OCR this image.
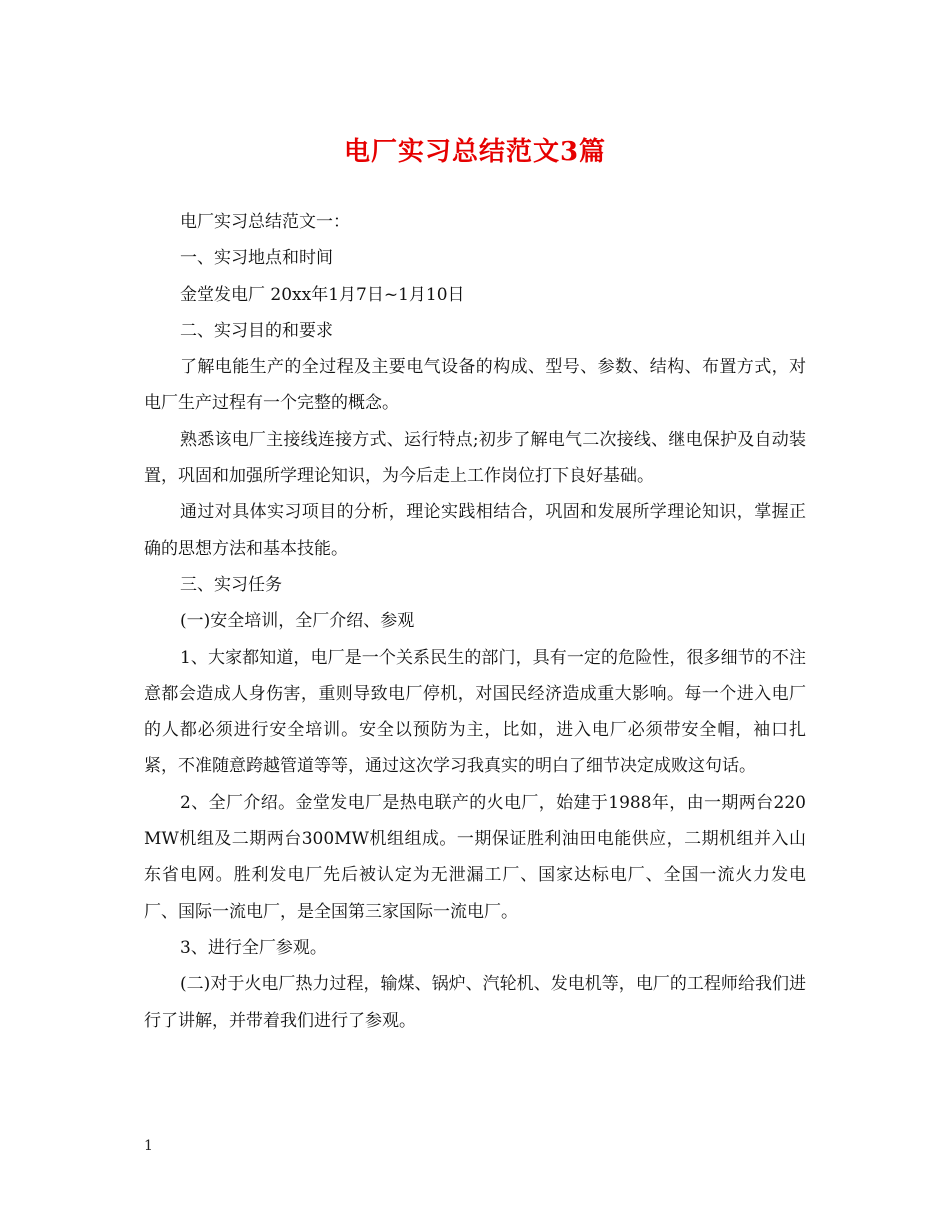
电厂实习总结范文3篇

电厂实习总结范文一：

一、实习地点和时间

金堂发电厂 20xx年1月7日~1月10日

二、实习目的和要求

了解电能生产的全过程及主要电气设备的构成、型号、参数、结构、布置方式，对电厂生产过程有一个完整的概念。

熟悉该电厂主接线连接方式、运行特点;初步了解电气二次接线、继电保护及自动装置，巩固和加强所学理论知识，为今后走上工作岗位打下良好基础。

通过对具体实习项目的分析，理论实践相结合，巩固和发展所学理论知识，掌握正确的思想方法和基本技能。

三、实习任务

(一)安全培训，全厂介绍、参观

1、大家都知道，电厂是一个关系民生的部门，具有一定的危险性，很多细节的不注意都会造成人身伤害，重则导致电厂停机，对国民经济造成重大影响。每一个进入电厂的人都必须进行安全培训。安全以预防为主，比如，进入电厂必须带安全帽，袖口扎紧，不准随意跨越管道等等，通过这次学习我真实的明白了细节决定成败这句话。

2、全厂介绍。金堂发电厂是热电联产的火电厂，始建于1988年，由一期两台220MW机组及二期两台300MW机组组成。一期保证胜利油田电能供应，二期机组并入山东省电网。胜利发电厂先后被认定为无泄漏工厂、国家达标电厂、全国一流火力发电厂、国际一流电厂，是全国第三家国际一流电厂。

3、进行全厂参观。

(二)对于火电厂热力过程，输煤、锅炉、汽轮机、发电机等，电厂的工程师给我们进行了讲解，并带着我们进行了参观。

1
